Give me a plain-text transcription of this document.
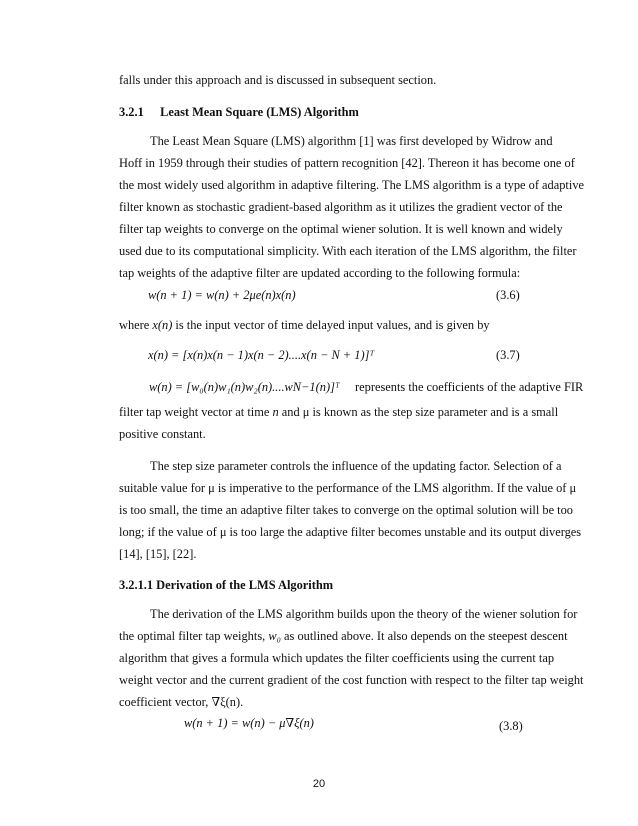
falls under this approach and is discussed in subsequent section.
3.2.1 Least Mean Square (LMS) Algorithm
The Least Mean Square (LMS) algorithm [1] was first developed by Widrow and
Hoff in 1959 through their studies of pattern recognition [42]. Thereon it has become one of
the most widely used algorithm in adaptive filtering. The LMS algorithm is a type of adaptive
filter known as stochastic gradient-based algorithm as it utilizes the gradient vector of the
filter tap weights to converge on the optimal wiener solution. It is well known and widely
used due to its computational simplicity. With each iteration of the LMS algorithm, the filter
tap weights of the adaptive filter are updated according to the following formula:
w(n + 1) = w(n) + 2μe(n)x(n)	(3.6)
where x(n) is the input vector of time delayed input values, and is given by
x(n) = [x(n)x(n − 1)x(n − 2)....x(n − N + 1)]ᵀ	(3.7)
w(n) = [w₀(n)w₁(n)w₂(n)....wN−1(n)]ᵀ represents the coefficients of the adaptive FIR
filter tap weight vector at time n and μ is known as the step size parameter and is a small
positive constant.
The step size parameter controls the influence of the updating factor. Selection of a
suitable value for μ is imperative to the performance of the LMS algorithm. If the value of μ
is too small, the time an adaptive filter takes to converge on the optimal solution will be too
long; if the value of μ is too large the adaptive filter becomes unstable and its output diverges
[14], [15], [22].
3.2.1.1 Derivation of the LMS Algorithm
The derivation of the LMS algorithm builds upon the theory of the wiener solution for
the optimal filter tap weights, w₀ as outlined above. It also depends on the steepest descent
algorithm that gives a formula which updates the filter coefficients using the current tap
weight vector and the current gradient of the cost function with respect to the filter tap weight
coefficient vector, ∇ξ(n).
w(n + 1) = w(n) − μ∇ξ(n)	(3.8)
20
